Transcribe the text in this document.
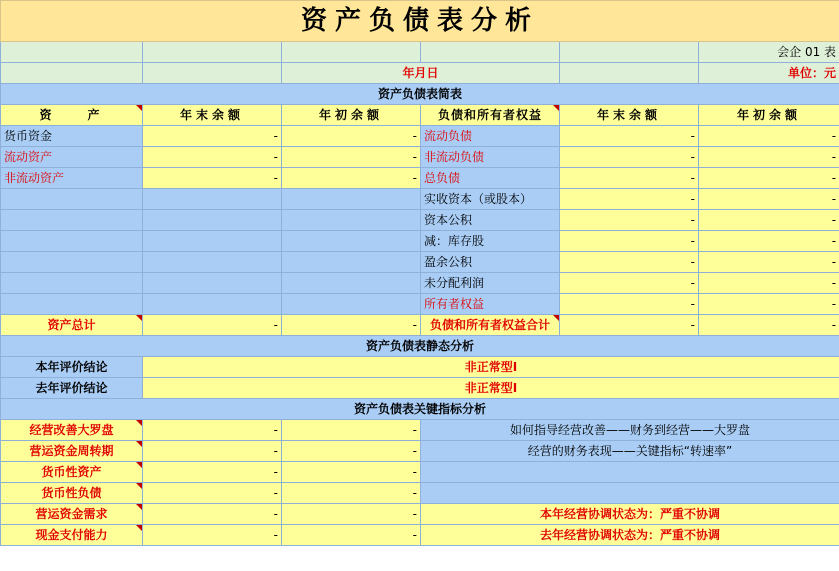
资产负债表分析					
					会企 01 表
		年月日			单位：元
资产负债表简表					
资　　产	年末余额	年初余额	负债和所有者权益	年末余额	年初余额
货币资金	-	-	流动负债	-	-
流动资产	-	-	非流动负债	-	-
非流动资产	-	-	总负债	-	-
			实收资本（或股本）	-	-
			资本公积	-	-
			减：库存股	-	-
			盈余公积	-	-
			未分配利润	-	-
			所有者权益	-	-
资产总计	-	-	负债和所有者权益合计	-	-
资产负债表静态分析					
本年评价结论	非正常型Ⅰ				
去年评价结论	非正常型Ⅰ				
资产负债表关键指标分析					
经营改善大罗盘	-	-	如何指导经营改善——财务到经营——大罗盘		
营运资金周转期	-	-	经营的财务表现——关键指标“转速率”		
货币性资产	-	-			
货币性负债	-	-			
营运资金需求	-	-	本年经营协调状态为：严重不协调		
现金支付能力	-	-	去年经营协调状态为：严重不协调		
